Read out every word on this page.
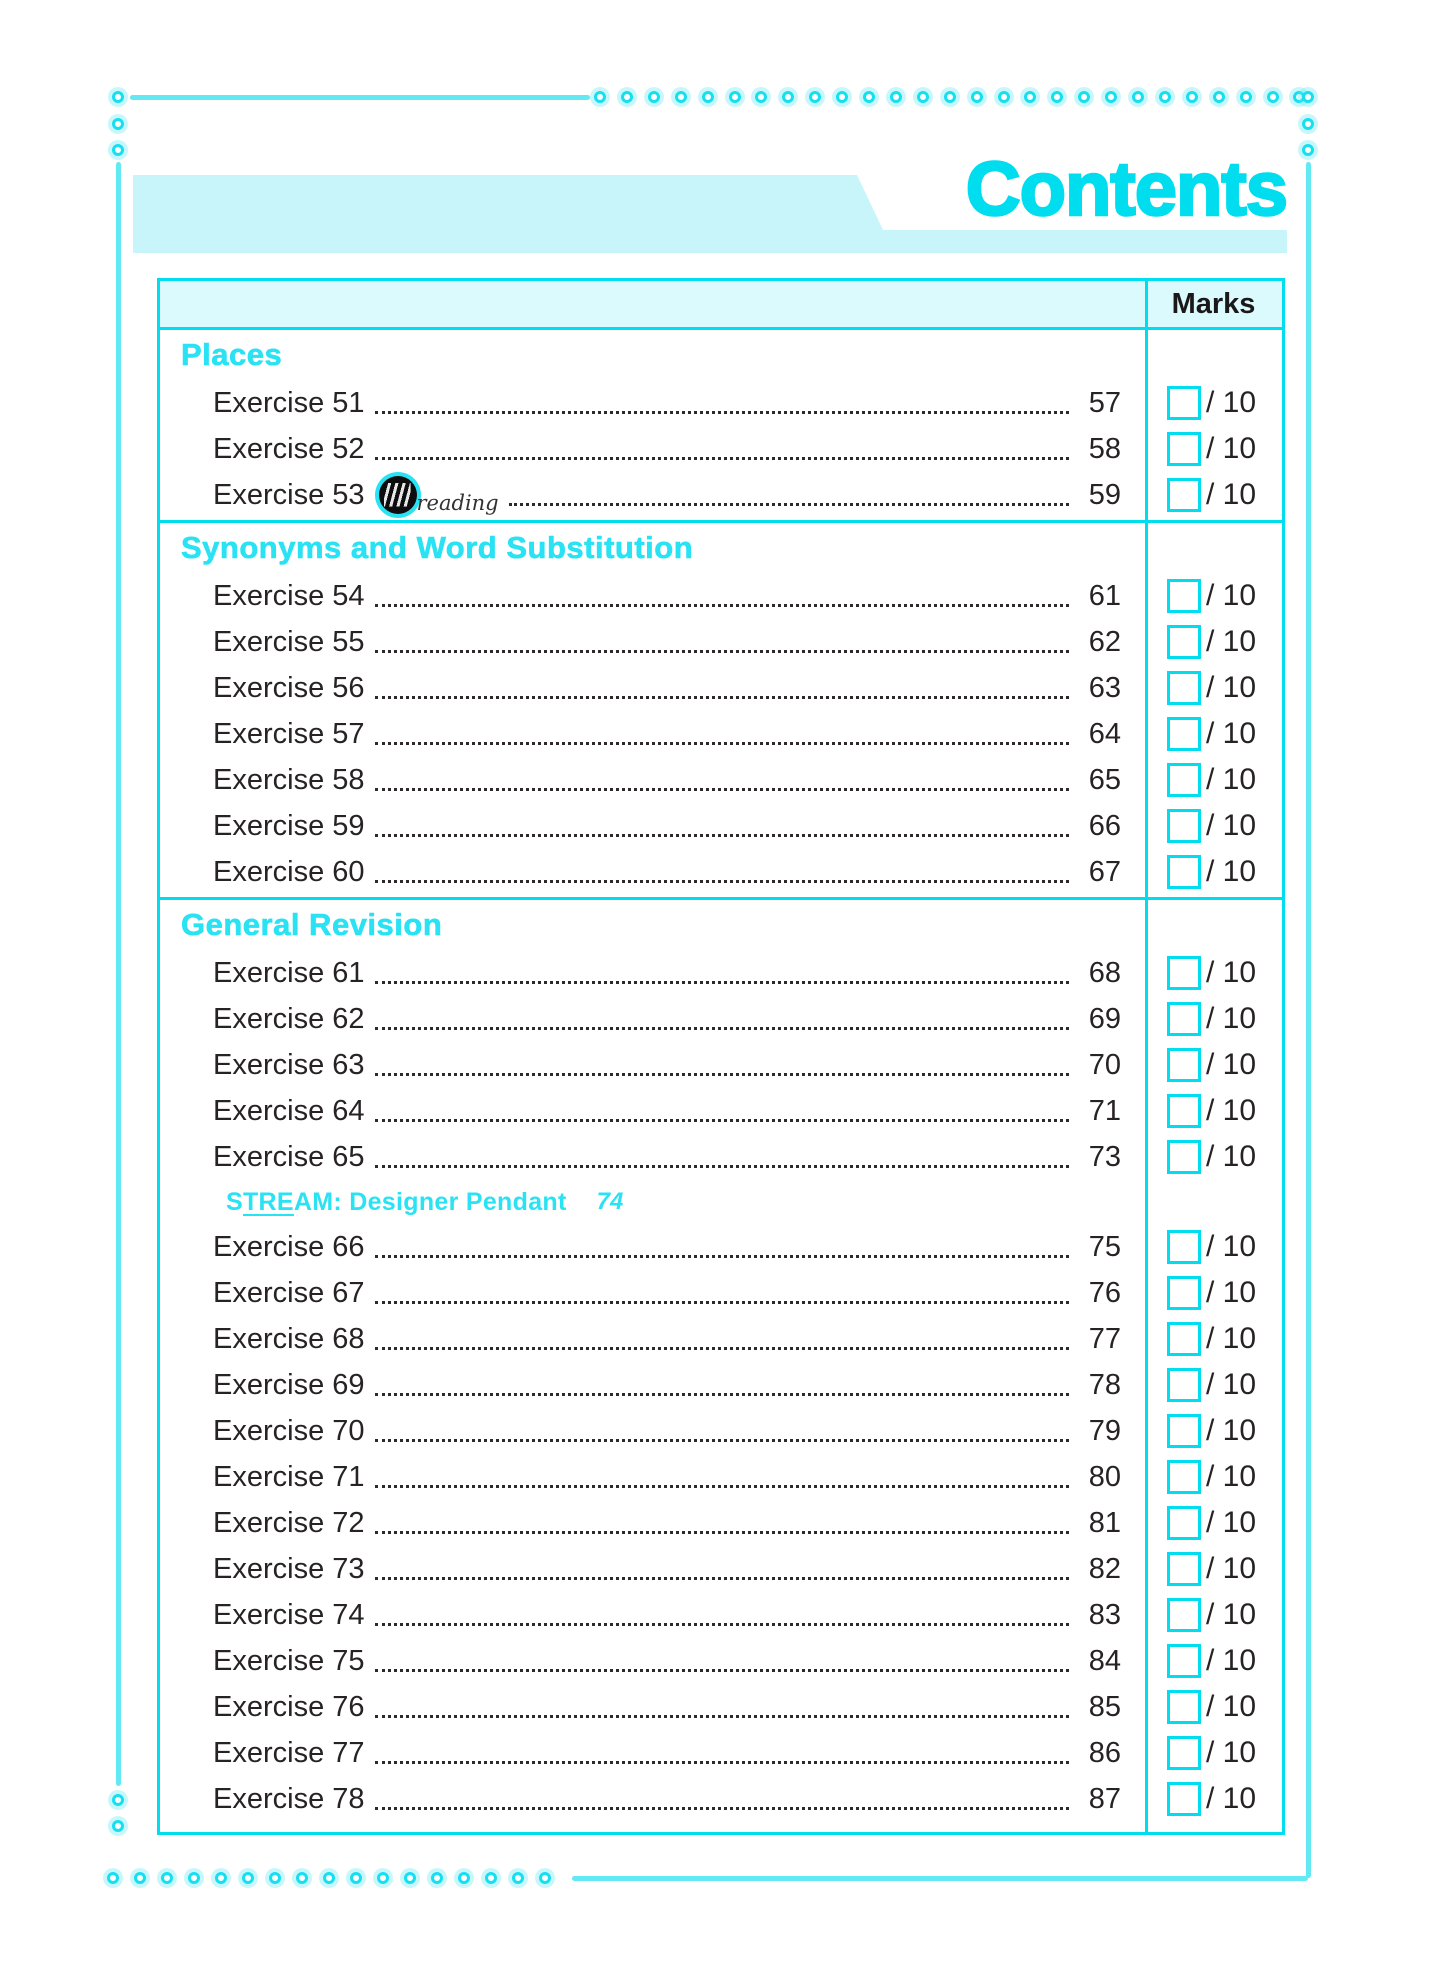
Contents
Marks
Places
Exercise 51	57	/ 10
Exercise 52	58	/ 10
Exercise 53 reading	59	/ 10
Synonyms and Word Substitution
Exercise 54	61	/ 10
Exercise 55	62	/ 10
Exercise 56	63	/ 10
Exercise 57	64	/ 10
Exercise 58	65	/ 10
Exercise 59	66	/ 10
Exercise 60	67	/ 10
General Revision
Exercise 61	68	/ 10
Exercise 62	69	/ 10
Exercise 63	70	/ 10
Exercise 64	71	/ 10
Exercise 65	73	/ 10
STREAM: Designer Pendant 74
Exercise 66	75	/ 10
Exercise 67	76	/ 10
Exercise 68	77	/ 10
Exercise 69	78	/ 10
Exercise 70	79	/ 10
Exercise 71	80	/ 10
Exercise 72	81	/ 10
Exercise 73	82	/ 10
Exercise 74	83	/ 10
Exercise 75	84	/ 10
Exercise 76	85	/ 10
Exercise 77	86	/ 10
Exercise 78	87	/ 10
